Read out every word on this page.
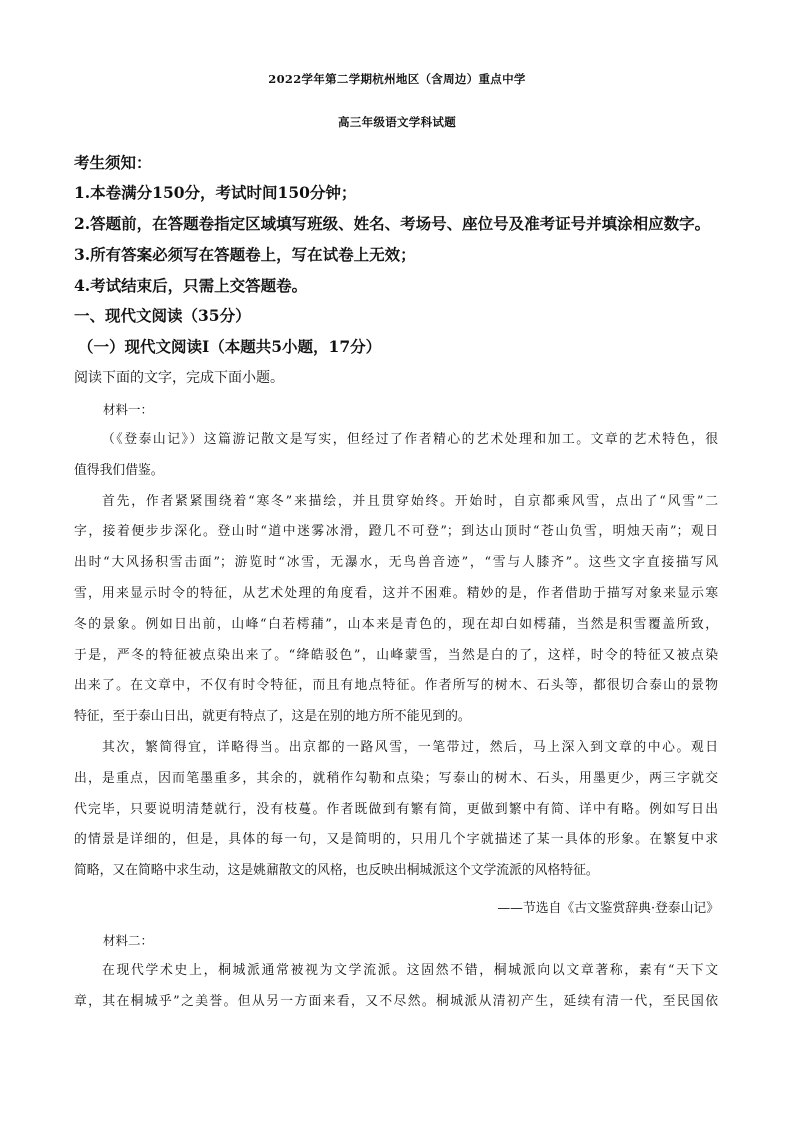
2022学年第二学期杭州地区（含周边）重点中学
高三年级语文学科试题
考生须知：
1.本卷满分150分，考试时间150分钟；
2.答题前，在答题卷指定区域填写班级、姓名、考场号、座位号及准考证号并填涂相应数字。
3.所有答案必须写在答题卷上，写在试卷上无效；
4.考试结束后，只需上交答题卷。
一、现代文阅读（35分）
（一）现代文阅读Ⅰ（本题共5小题，17分）
阅读下面的文字，完成下面小题。
材料一：
（《登泰山记》）这篇游记散文是写实，但经过了作者精心的艺术处理和加工。文章的艺术特色，很
值得我们借鉴。
首先，作者紧紧围绕着“寒冬”来描绘，并且贯穿始终。开始时，自京都乘风雪，点出了“风雪”二
字，接着便步步深化。登山时“道中迷雾冰滑，蹬几不可登”；到达山顶时“苍山负雪，明烛天南”；观日
出时“大风扬积雪击面”；游览时“冰雪，无瀑水，无鸟兽音迹”，“雪与人膝齐”。这些文字直接描写风
雪，用来显示时令的特征，从艺术处理的角度看，这并不困难。精妙的是，作者借助于描写对象来显示寒
冬的景象。例如日出前，山峰“白若樗蒱”，山本来是青色的，现在却白如樗蒱，当然是积雪覆盖所致，
于是，严冬的特征被点染出来了。“绛皓驳色”，山峰蒙雪，当然是白的了，这样，时令的特征又被点染
出来了。在文章中，不仅有时令特征，而且有地点特征。作者所写的树木、石头等，都很切合泰山的景物
特征，至于泰山日出，就更有特点了，这是在别的地方所不能见到的。
其次，繁简得宜，详略得当。出京都的一路风雪，一笔带过，然后，马上深入到文章的中心。观日
出，是重点，因而笔墨重多，其余的，就稍作勾勒和点染；写泰山的树木、石头，用墨更少，两三字就交
代完毕，只要说明清楚就行，没有枝蔓。作者既做到有繁有简，更做到繁中有简、详中有略。例如写日出
的情景是详细的，但是，具体的每一句，又是简明的，只用几个字就描述了某一具体的形象。在繁复中求
简略，又在简略中求生动，这是姚鼐散文的风格，也反映出桐城派这个文学流派的风格特征。
——节选自《古文鉴赏辞典·登泰山记》
材料二：
在现代学术史上，桐城派通常被视为文学流派。这固然不错，桐城派向以文章著称，素有“天下文
章，其在桐城乎”之美誉。但从另一方面来看，又不尽然。桐城派从清初产生，延续有清一代，至民国依
